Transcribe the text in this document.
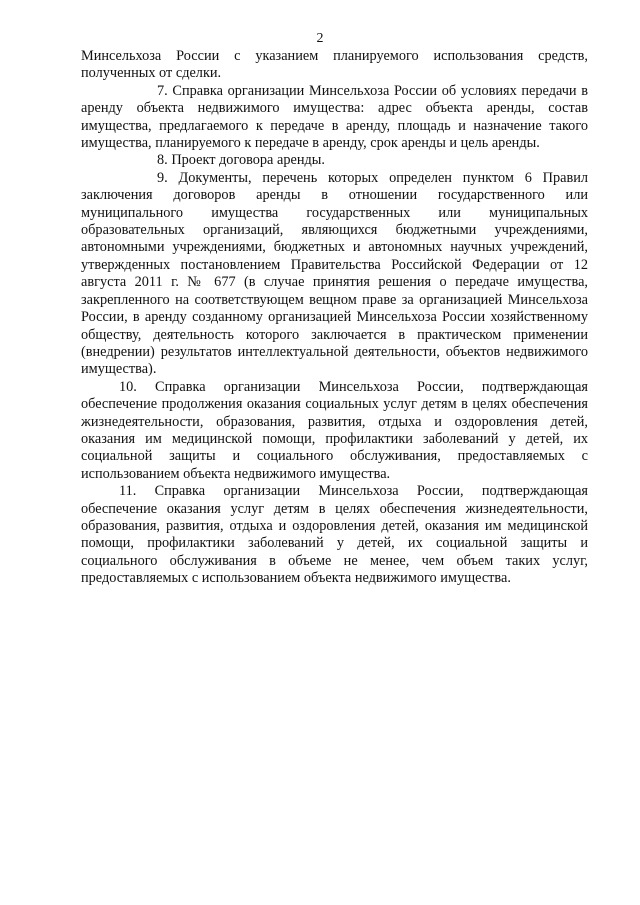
2

Минсельхоза России с указанием планируемого использования средств, полученных от сделки.

7. Справка организации Минсельхоза России об условиях передачи в аренду объекта недвижимого имущества: адрес объекта аренды, состав имущества, предлагаемого к передаче в аренду, площадь и назначение такого имущества, планируемого к передаче в аренду, срок аренды и цель аренды.

8. Проект договора аренды.

9. Документы, перечень которых определен пунктом 6 Правил заключения договоров аренды в отношении государственного или муниципального имущества государственных или муниципальных образовательных организаций, являющихся бюджетными учреждениями, автономными учреждениями, бюджетных и автономных научных учреждений, утвержденных постановлением Правительства Российской Федерации от 12 августа 2011 г. № 677 (в случае принятия решения о передаче имущества, закрепленного на соответствующем вещном праве за организацией Минсельхоза России, в аренду созданному организацией Минсельхоза России хозяйственному обществу, деятельность которого заключается в практическом применении (внедрении) результатов интеллектуальной деятельности, объектов недвижимого имущества).

10. Справка организации Минсельхоза России, подтверждающая обеспечение продолжения оказания социальных услуг детям в целях обеспечения жизнедеятельности, образования, развития, отдыха и оздоровления детей, оказания им медицинской помощи, профилактики заболеваний у детей, их социальной защиты и социального обслуживания, предоставляемых с использованием объекта недвижимого имущества.

11. Справка организации Минсельхоза России, подтверждающая обеспечение оказания услуг детям в целях обеспечения жизнедеятельности, образования, развития, отдыха и оздоровления детей, оказания им медицинской помощи, профилактики заболеваний у детей, их социальной защиты и социального обслуживания в объеме не менее, чем объем таких услуг, предоставляемых с использованием объекта недвижимого имущества.
